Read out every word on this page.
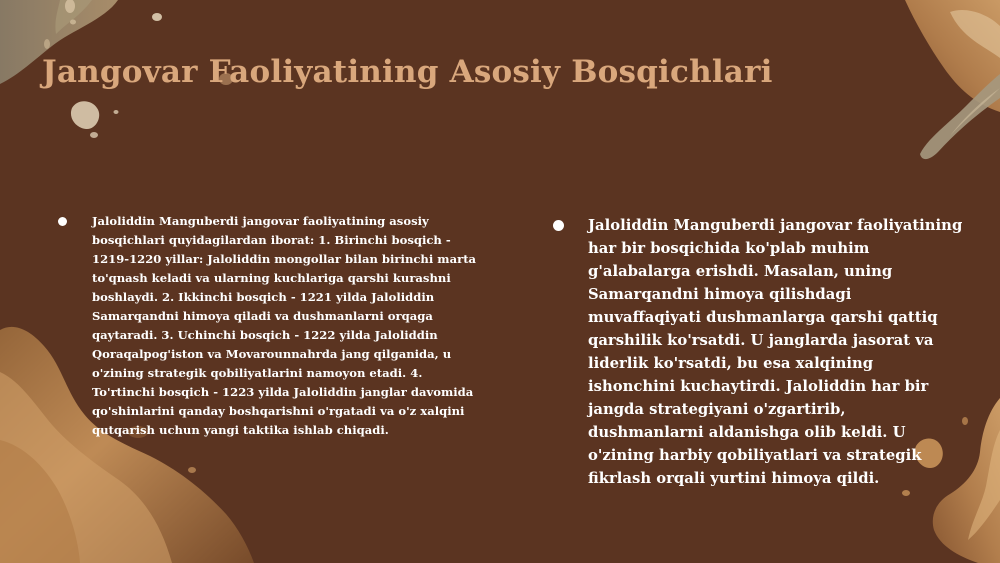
Jangovar Faoliyatining Asosiy Bosqichlari
Jaloliddin Manguberdi jangovar faoliyatining asosiy bosqichlari quyidagilardan iborat: 1. Birinchi bosqich - 1219-1220 yillar: Jaloliddin mongollar bilan birinchi marta to'qnash keladi va ularning kuchlariga qarshi kurashni boshlaydi. 2. Ikkinchi bosqich - 1221 yilda Jaloliddin Samarqandni himoya qiladi va dushmanlarni orqaga qaytaradi. 3. Uchinchi bosqich - 1222 yilda Jaloliddin Qoraqalpog'iston va Movarounnahrda jang qilganida, u o'zining strategik qobiliyatlarini namoyon etadi. 4. To'rtinchi bosqich - 1223 yilda Jaloliddin janglar davomida qo'shinlarini qanday boshqarishni o'rgatadi va o'z xalqini qutqarish uchun yangi taktika ishlab chiqadi.
Jaloliddin Manguberdi jangovar faoliyatining har bir bosqichida ko'plab muhim g'alabalarga erishdi. Masalan, uning Samarqandni himoya qilishdagi muvaffaqiyati dushmanlarga qarshi qattiq qarshilik ko'rsatdi. U janglarda jasorat va liderlik ko'rsatdi, bu esa xalqining ishonchini kuchaytirdi. Jaloliddin har bir jangda strategiyani o'zgartirib, dushmanlarni aldanishga olib keldi. U o'zining harbiy qobiliyatlari va strategik fikrlash orqali yurtini himoya qildi.
